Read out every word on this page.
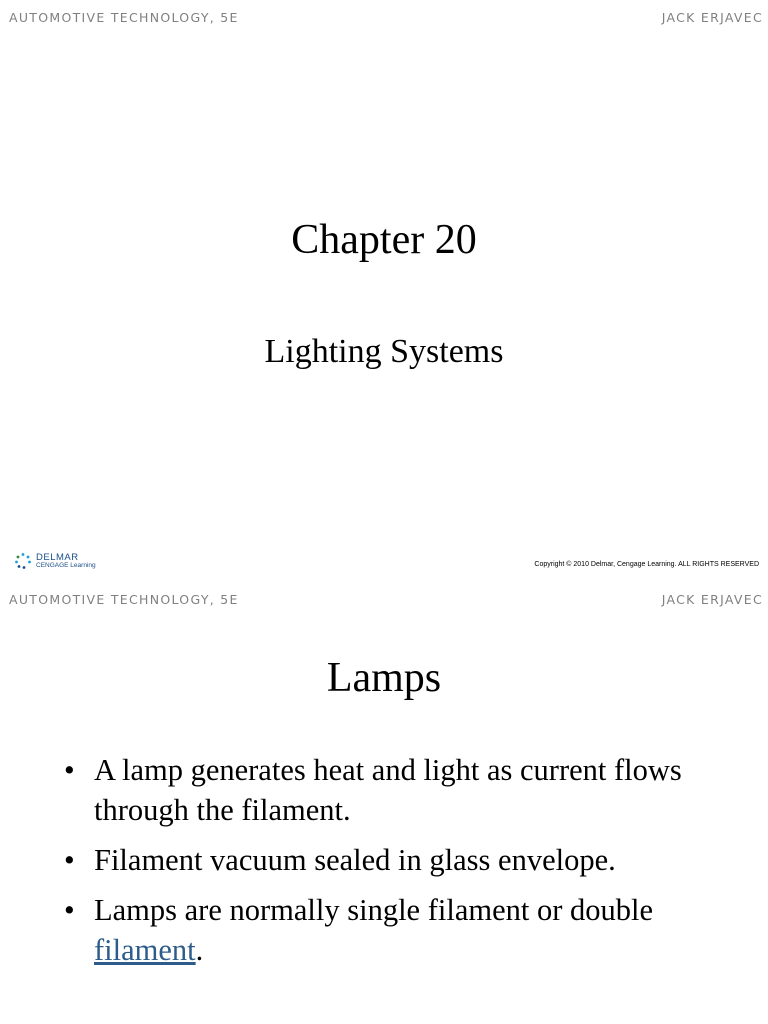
AUTOMOTIVE TECHNOLOGY, 5E	JACK ERJAVEC
Chapter 20
Lighting Systems
DELMAR
CENGAGE Learning	Copyright © 2010 Delmar, Cengage Learning. ALL RIGHTS RESERVED
AUTOMOTIVE TECHNOLOGY, 5E	JACK ERJAVEC
Lamps
• A lamp generates heat and light as current flows through the filament.
• Filament vacuum sealed in glass envelope.
• Lamps are normally single filament or double filament.
